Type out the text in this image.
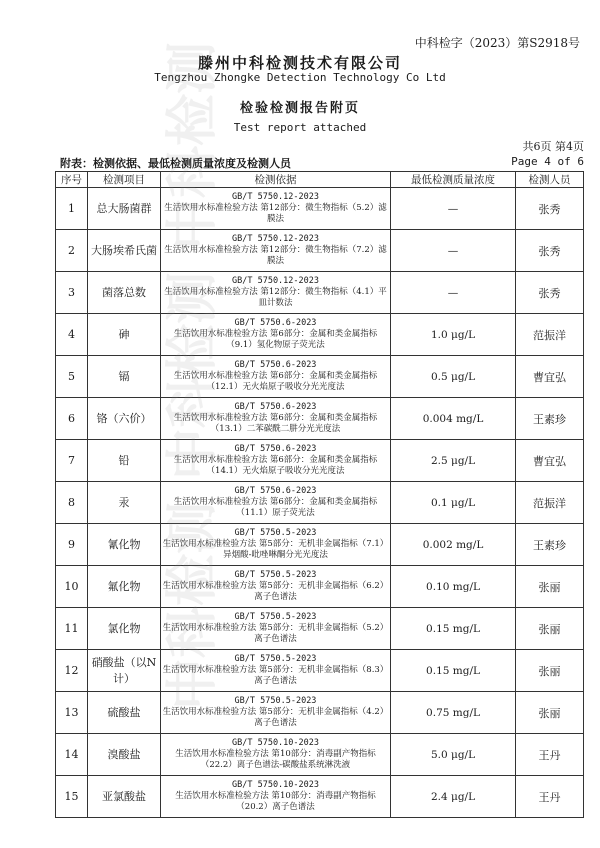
中科检字（2023）第S2918号
滕州中科检测技术有限公司
Tengzhou Zhongke Detection Technology Co Ltd
检验检测报告附页
Test report attached
共6页 第4页
附表：检测依据、最低检测质量浓度及检测人员	Page 4 of 6
序号	检测项目	检测依据	最低检测质量浓度	检测人员
1	总大肠菌群	GB/T 5750.12-2023
生活饮用水标准检验方法 第12部分：微生物指标（5.2）滤膜法	—	张秀
2	大肠埃希氏菌	GB/T 5750.12-2023
生活饮用水标准检验方法 第12部分：微生物指标（7.2）滤膜法	—	张秀
3	菌落总数	GB/T 5750.12-2023
生活饮用水标准检验方法 第12部分：微生物指标（4.1）平皿计数法	—	张秀
4	砷	GB/T 5750.6-2023
生活饮用水标准检验方法 第6部分：金属和类金属指标（9.1）氢化物原子荧光法	1.0 μg/L	范振洋
5	镉	GB/T 5750.6-2023
生活饮用水标准检验方法 第6部分：金属和类金属指标（12.1）无火焰原子吸收分光光度法	0.5 μg/L	曹宜弘
6	铬（六价）	GB/T 5750.6-2023
生活饮用水标准检验方法 第6部分：金属和类金属指标（13.1）二苯碳酰二肼分光光度法	0.004 mg/L	王素珍
7	铅	GB/T 5750.6-2023
生活饮用水标准检验方法 第6部分：金属和类金属指标（14.1）无火焰原子吸收分光光度法	2.5 μg/L	曹宜弘
8	汞	GB/T 5750.6-2023
生活饮用水标准检验方法 第6部分：金属和类金属指标（11.1）原子荧光法	0.1 μg/L	范振洋
9	氰化物	GB/T 5750.5-2023
生活饮用水标准检验方法 第5部分：无机非金属指标（7.1）异烟酸-吡唑啉酮分光光度法	0.002 mg/L	王素珍
10	氟化物	GB/T 5750.5-2023
生活饮用水标准检验方法 第5部分：无机非金属指标（6.2）离子色谱法	0.10 mg/L	张丽
11	氯化物	GB/T 5750.5-2023
生活饮用水标准检验方法 第5部分：无机非金属指标（5.2）离子色谱法	0.15 mg/L	张丽
12	硝酸盐（以N计）	GB/T 5750.5-2023
生活饮用水标准检验方法 第5部分：无机非金属指标（8.3）离子色谱法	0.15 mg/L	张丽
13	硫酸盐	GB/T 5750.5-2023
生活饮用水标准检验方法 第5部分：无机非金属指标（4.2）离子色谱法	0.75 mg/L	张丽
14	溴酸盐	GB/T 5750.10-2023
生活饮用水标准检验方法 第10部分：消毒副产物指标（22.2）离子色谱法-碳酸盐系统淋洗液	5.0 μg/L	王丹
15	亚氯酸盐	GB/T 5750.10-2023
生活饮用水标准检验方法 第10部分：消毒副产物指标（20.2）离子色谱法	2.4 μg/L	王丹
中科检测
中科检测
中科检测
